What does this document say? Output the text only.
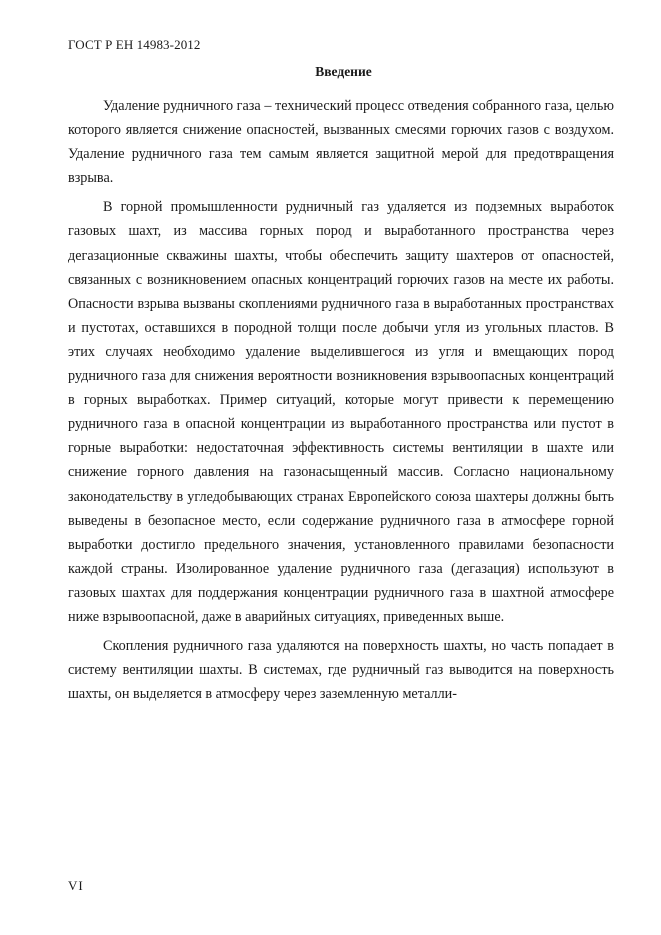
ГОСТ Р ЕН 14983-2012
Введение

Удаление рудничного газа – технический процесс отведения собранного газа, целью которого является снижение опасностей, вызванных смесями горючих газов с воздухом. Удаление рудничного газа тем самым является защитной мерой для предотвращения взрыва.

В горной промышленности рудничный газ удаляется из подземных выработок газовых шахт, из массива горных пород и выработанного пространства через дегазационные скважины шахты, чтобы обеспечить защиту шахтеров от опасностей, связанных с возникновением опасных концентраций горючих газов на месте их работы. Опасности взрыва вызваны скоплениями рудничного газа в выработанных пространствах и пустотах, оставшихся в породной толщи после добычи угля из угольных пластов. В этих случаях необходимо удаление выделившегося из угля и вмещающих пород рудничного газа для снижения вероятности возникновения взрывоопасных концентраций в горных выработках. Пример ситуаций, которые могут привести к перемещению рудничного газа в опасной концентрации из выработанного пространства или пустот в горные выработки: недостаточная эффективность системы вентиляции в шахте или снижение горного давления на газонасыщенный массив. Согласно национальному законодательству в угледобывающих странах Европейского союза шахтеры должны быть выведены в безопасное место, если содержание рудничного газа в атмосфере горной выработки достигло предельного значения, установленного правилами безопасности каждой страны. Изолированное удаление рудничного газа (дегазация) используют в газовых шахтах для поддержания концентрации рудничного газа в шахтной атмосфере ниже взрывоопасной, даже в аварийных ситуациях, приведенных выше.

Скопления рудничного газа удаляются на поверхность шахты, но часть попадает в систему вентиляции шахты. В системах, где рудничный газ выводится на поверхность шахты, он выделяется в атмосферу через заземленную металли-

VI
